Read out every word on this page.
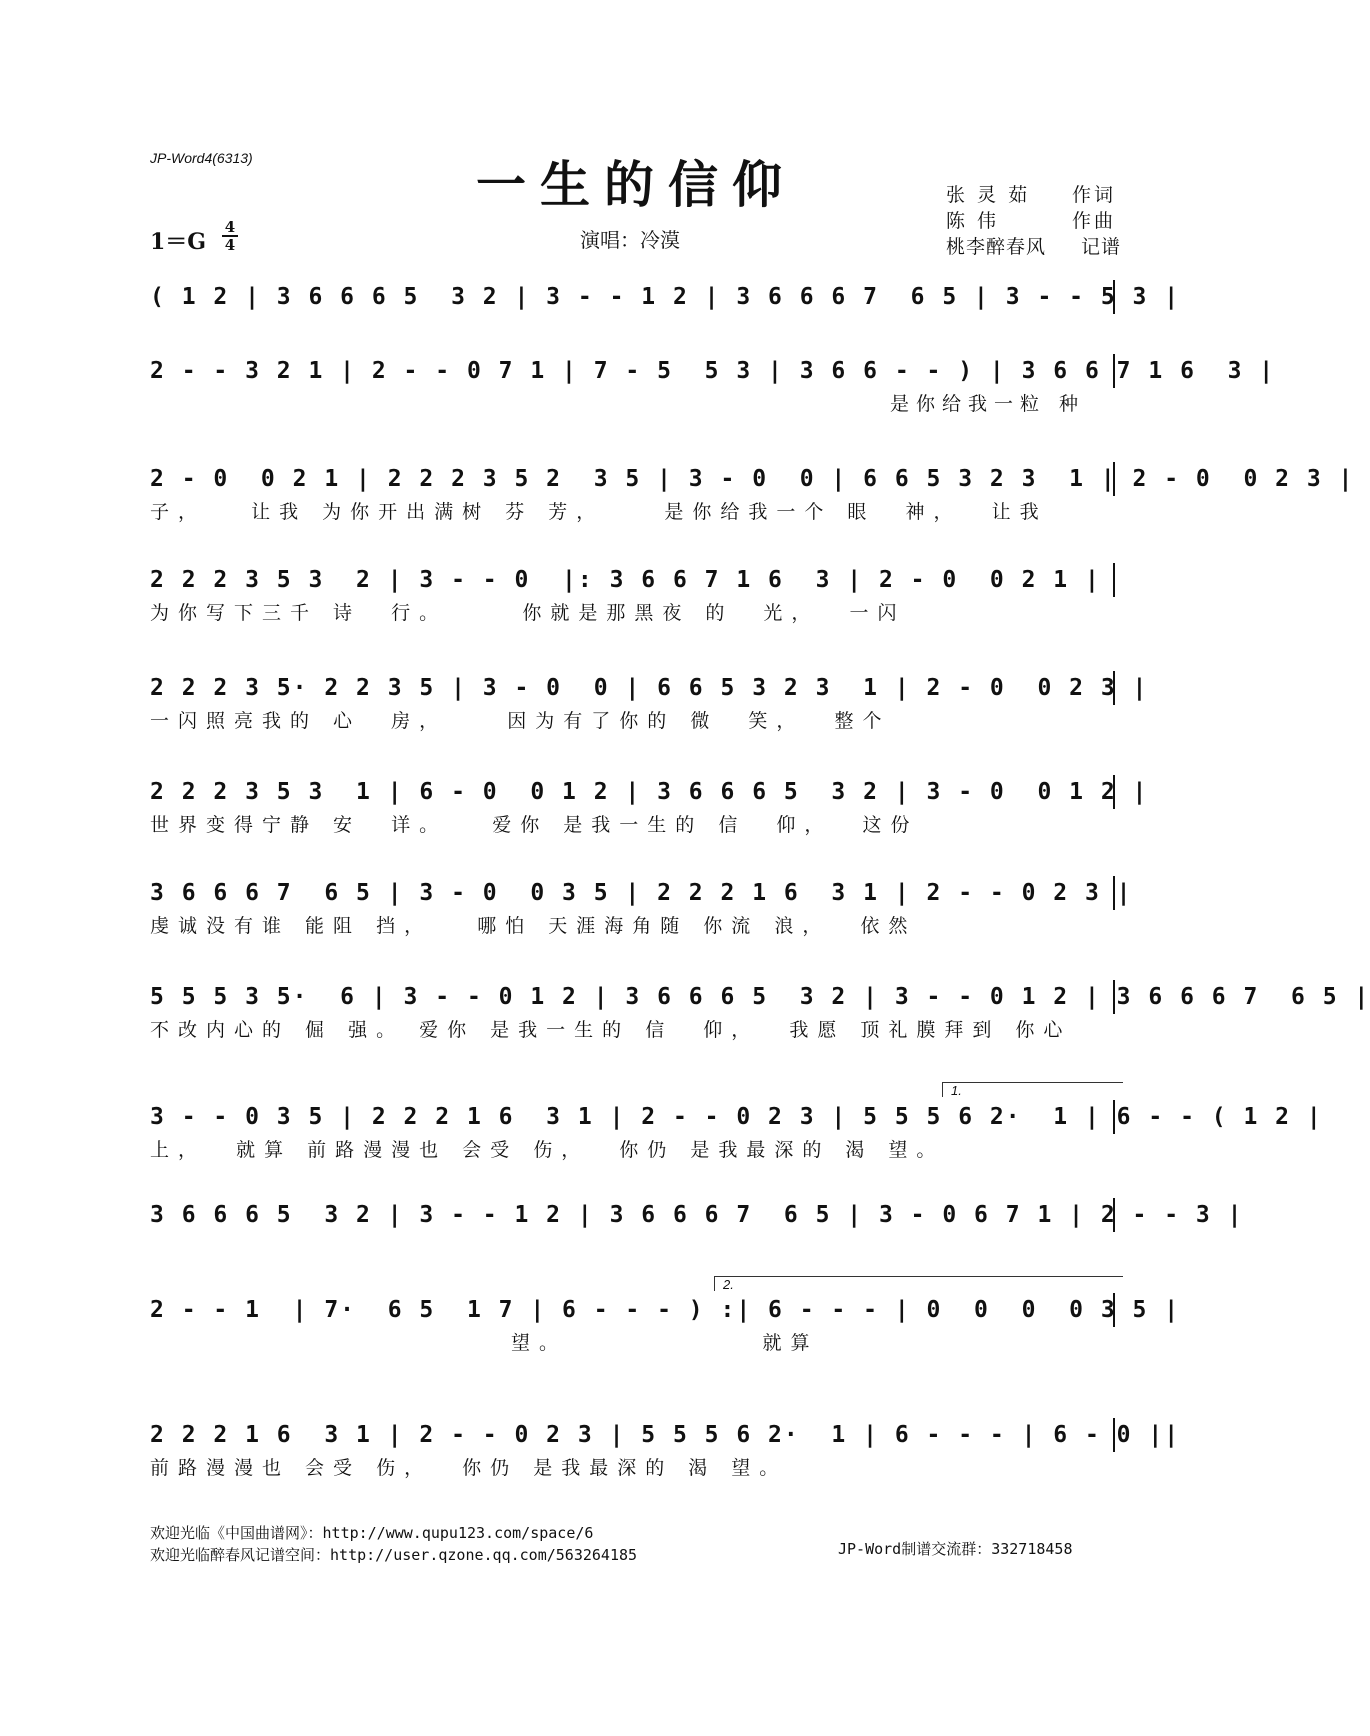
JP-Word4(6313)	一生的信仰
1＝G
4
4	演唱：冷漠
张 灵 茹 作词
陈 伟	作曲
桃李醉春风 记谱
( 1 2 | 3 6 6 6 5  3 2 | 3 - - 1 2 | 3 6 6 6 7  6 5 | 3 - - 5 3 |
2 - - 3 2 1 | 2 - - 0 7 1 | 7 - 5  5 3 | 3 6 6 - - ) | 3 6 6 7 1 6  3 |
是你给我一粒 种
2 - 0  0 2 1 | 2 2 2 3 5 2  3 5 | 3 - 0  0 | 6 6 5 3 2 3  1 | 2 - 0  0 2 3 |
子，   让我 为你开出满树 芬 芳，    是你给我一个 眼  神，  让我
2 2 2 3 5 3  2 | 3 - - 0  |: 3 6 6 7 1 6  3 | 2 - 0  0 2 1 |
为你写下三千 诗  行。     你就是那黑夜 的  光，  一闪
2 2 2 3 5· 2 2 3 5 | 3 - 0  0 | 6 6 5 3 2 3  1 | 2 - 0  0 2 3 |
一闪照亮我的 心  房，    因为有了你的 微  笑，  整个
2 2 2 3 5 3  1 | 6 - 0  0 1 2 | 3 6 6 6 5  3 2 | 3 - 0  0 1 2 |
世界变得宁静 安  详。   爱你 是我一生的 信  仰，  这份
3 6 6 6 7  6 5 | 3 - 0  0 3 5 | 2 2 2 1 6  3 1 | 2 - - 0 2 3 |
虔诚没有谁 能阻 挡，   哪怕 天涯海角随 你流 浪，  依然
5 5 5 3 5·  6 | 3 - - 0 1 2 | 3 6 6 6 5  3 2 | 3 - - 0 1 2 | 3 6 6 6 7  6 5 |
不改内心的 倔 强。 爱你 是我一生的 信  仰，  我愿 顶礼膜拜到 你心
1.
3 - - 0 3 5 | 2 2 2 1 6  3 1 | 2 - - 0 2 3 | 5 5 5 6 2·  1 | 6 - - ( 1 2 |
上，  就算 前路漫漫也 会受 伤，  你仍 是我最深的 渴 望。
3 6 6 6 5  3 2 | 3 - - 1 2 | 3 6 6 6 7  6 5 | 3 - 0 6 7 1 | 2 - - 3 |
2.
2 - - 1  | 7·  6 5  1 7 | 6 - - - ) :| 6 - - - | 0  0  0  0 3 5 |
望。             就算
2 2 2 1 6  3 1 | 2 - - 0 2 3 | 5 5 5 6 2·  1 | 6 - - - | 6 - 0 ||
前路漫漫也 会受 伤，  你仍 是我最深的 渴 望。
欢迎光临《中国曲谱网》：http://www.qupu123.com/space/6
欢迎光临醉春风记谱空间：http://user.qzone.qq.com/563264185	JP-Word制谱交流群：332718458
